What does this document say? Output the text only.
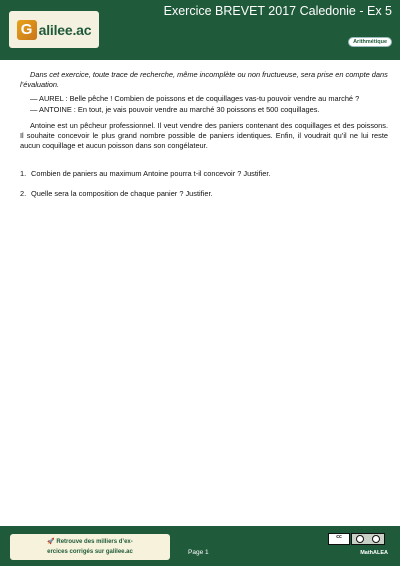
G alilee.ac
Exercice BREVET 2017 Caledonie - Ex 5
Arithmétique

Dans cet exercice, toute trace de recherche, même incomplète ou non fructueuse, sera prise en compte dans l’évaluation.

— AUREL : Belle pêche ! Combien de poissons et de coquillages vas-tu pouvoir vendre au marché ?

— ANTOINE : En tout, je vais pouvoir vendre au marché 30 poissons et 500 coquillages.

Antoine est un pêcheur professionnel. Il veut vendre des paniers contenant des coquillages et des poissons. Il souhaite concevoir le plus grand nombre possible de paniers identiques. Enfin, il voudrait qu’il ne lui reste aucun coquillage et aucun poisson dans son congélateur.

1. Combien de paniers au maximum Antoine pourra t-il concevoir ? Justifier.
2. Quelle sera la composition de chaque panier ? Justifier.
🚀 Retrouve des milliers d’ex-
ercices corrigés sur galilee.ac	Page 1
cc
MathALEA
